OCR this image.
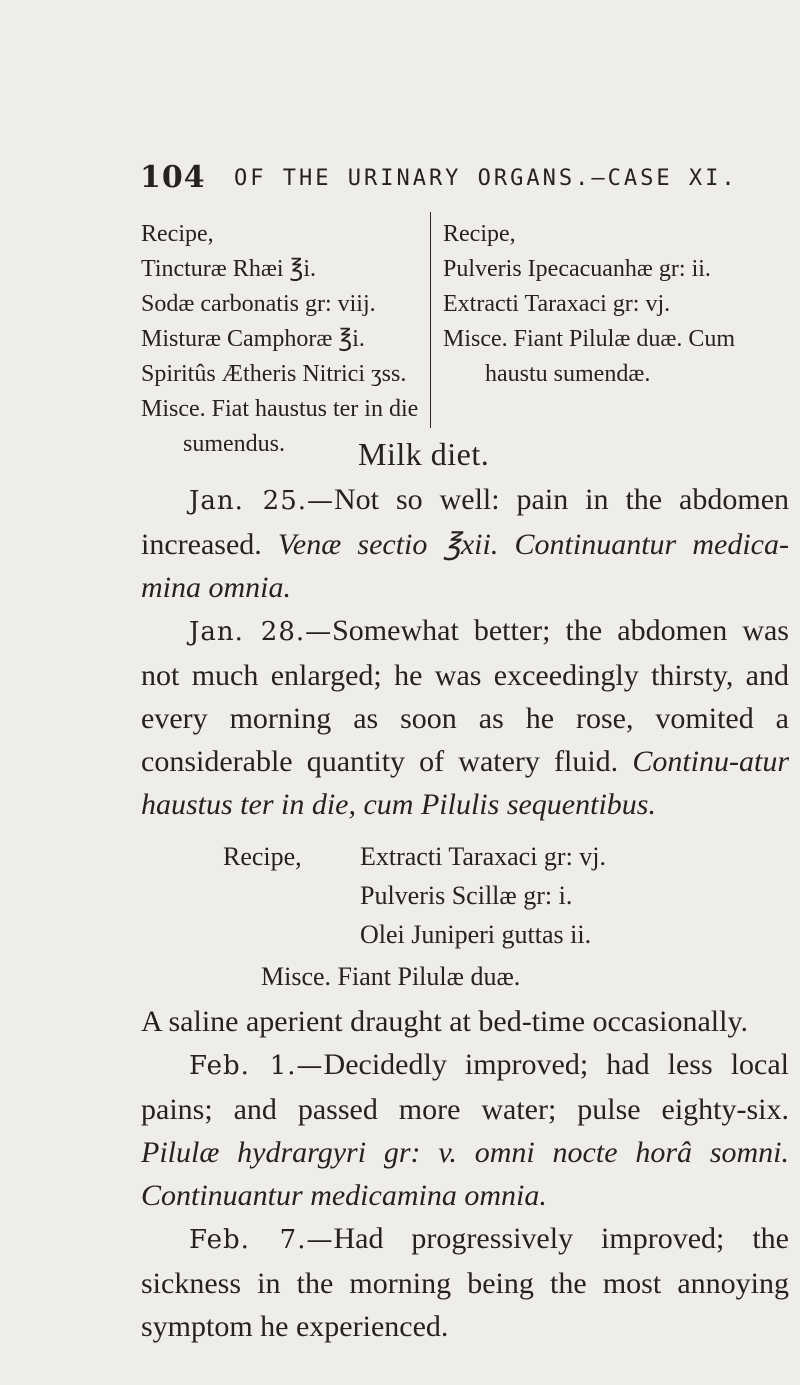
104 OF THE URINARY ORGANS.—CASE XI.
Recipe,
Tincturæ Rhæi ℥i.
Sodæ carbonatis gr: viij.
Misturæ Camphoræ ℥i.
Spiritûs Ætheris Nitrici ʒss.
Misce. Fiat haustus ter in die
sumendus.
Recipe,
Pulveris Ipecacuanhæ gr: ii.
Extracti Taraxaci gr: vj.
Misce. Fiant Pilulæ duæ. Cum
haustu sumendæ.
Milk diet.

Jan. 25.—Not so well: pain in the abdomen increased. Venæ sectio ℥xii. Continuantur medica-mina omnia.

Jan. 28.—Somewhat better; the abdomen was not much enlarged; he was exceedingly thirsty, and every morning as soon as he rose, vomited a considerable quantity of watery fluid. Continu-atur haustus ter in die, cum Pilulis sequentibus.

Recipe, Extracti Taraxaci gr: vj.
Pulveris Scillæ gr: i.
Olei Juniperi guttas ii.
Misce. Fiant Pilulæ duæ.

A saline aperient draught at bed-time occasionally.

Feb. 1.—Decidedly improved; had less local pains; and passed more water; pulse eighty-six. Pilulæ hydrargyri gr: v. omni nocte horâ somni. Continuantur medicamina omnia.

Feb. 7.—Had progressively improved; the sickness in the morning being the most annoying symptom he experienced.
